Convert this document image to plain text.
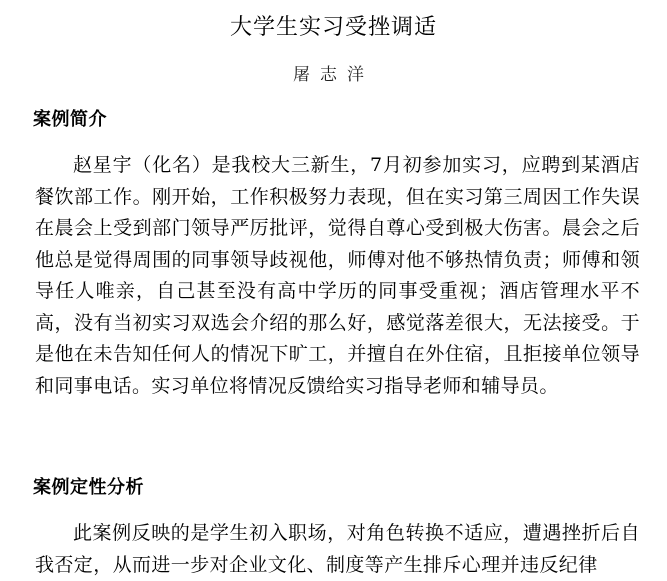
大学生实习受挫调适
屠志洋
案例简介
赵星宇（化名）是我校大三新生，7月初参加实习，应聘到某酒店餐饮部工作。刚开始，工作积极努力表现，但在实习第三周因工作失误在晨会上受到部门领导严厉批评，觉得自尊心受到极大伤害。晨会之后他总是觉得周围的同事领导歧视他，师傅对他不够热情负责；师傅和领导任人唯亲，自己甚至没有高中学历的同事受重视；酒店管理水平不高，没有当初实习双选会介绍的那么好，感觉落差很大，无法接受。于是他在未告知任何人的情况下旷工，并擅自在外住宿，且拒接单位领导和同事电话。实习单位将情况反馈给实习指导老师和辅导员。
案例定性分析
此案例反映的是学生初入职场，对角色转换不适应，遭遇挫折后自我否定，从而进一步对企业文化、制度等产生排斥心理并违反纪律
